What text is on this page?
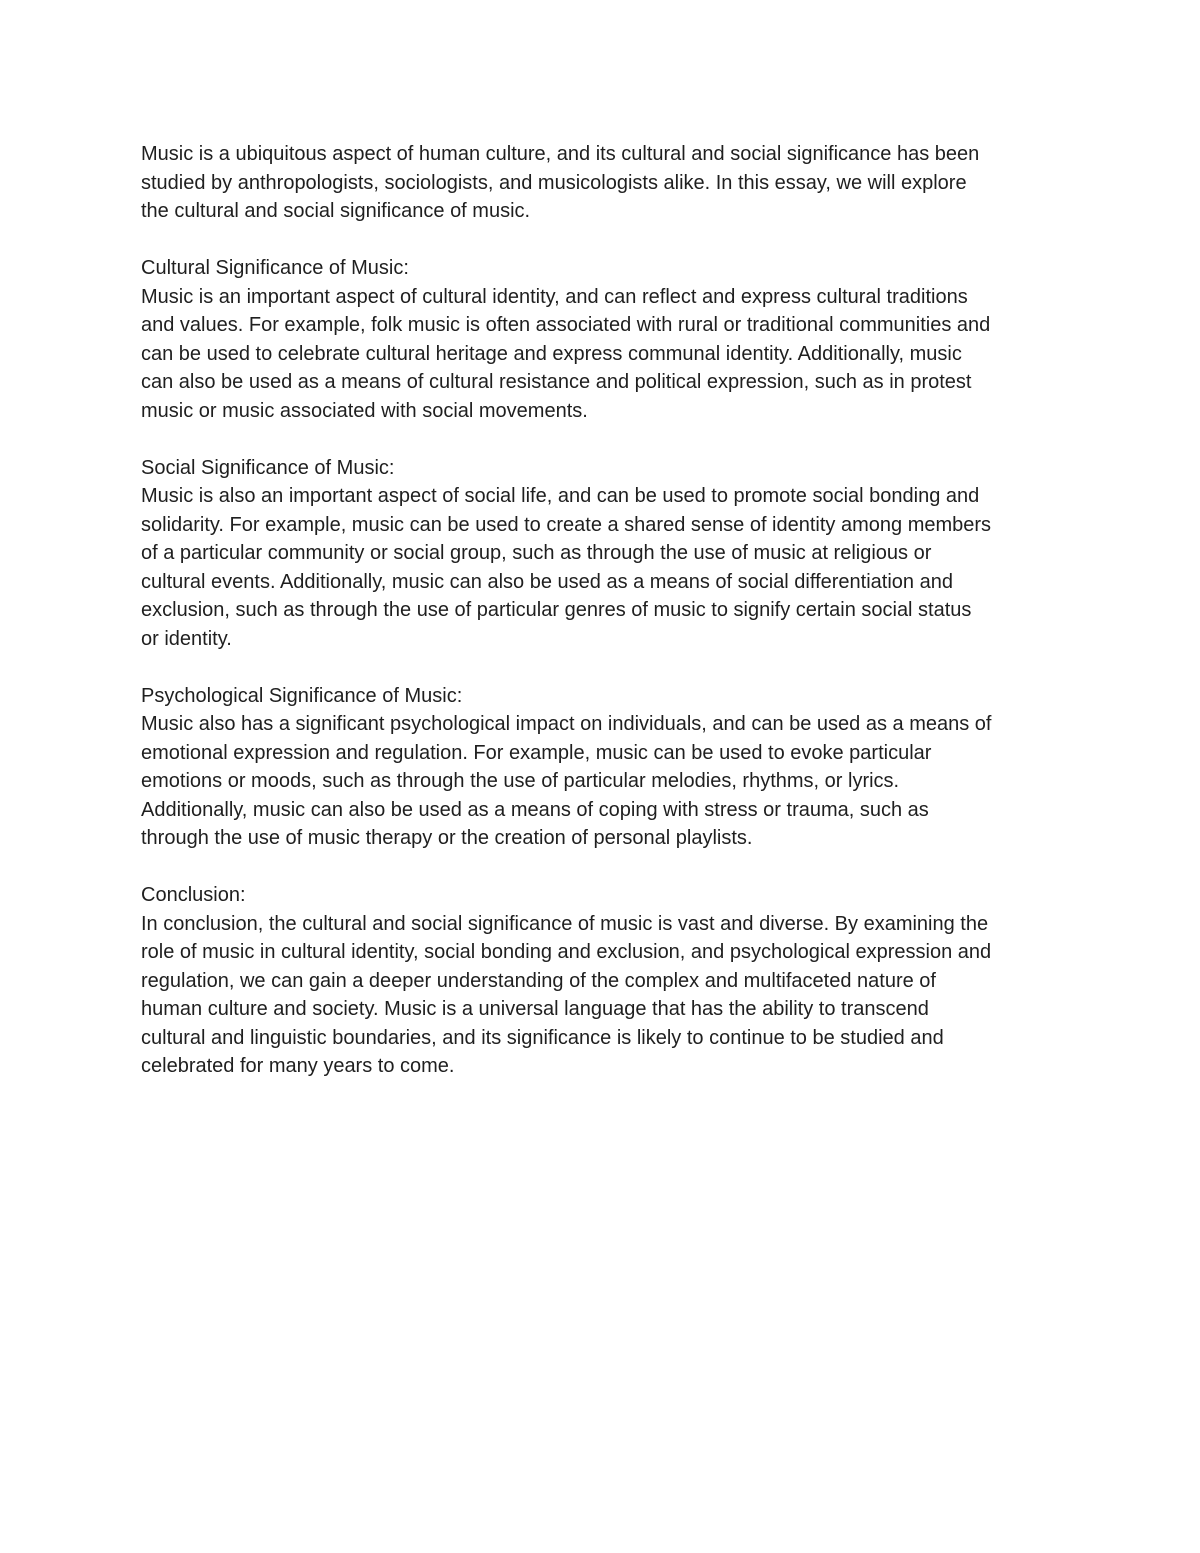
Music is a ubiquitous aspect of human culture, and its cultural and social significance has been
studied by anthropologists, sociologists, and musicologists alike. In this essay, we will explore
the cultural and social significance of music.

Cultural Significance of Music:
Music is an important aspect of cultural identity, and can reflect and express cultural traditions
and values. For example, folk music is often associated with rural or traditional communities and
can be used to celebrate cultural heritage and express communal identity. Additionally, music
can also be used as a means of cultural resistance and political expression, such as in protest
music or music associated with social movements.

Social Significance of Music:
Music is also an important aspect of social life, and can be used to promote social bonding and
solidarity. For example, music can be used to create a shared sense of identity among members
of a particular community or social group, such as through the use of music at religious or
cultural events. Additionally, music can also be used as a means of social differentiation and
exclusion, such as through the use of particular genres of music to signify certain social status
or identity.

Psychological Significance of Music:
Music also has a significant psychological impact on individuals, and can be used as a means of
emotional expression and regulation. For example, music can be used to evoke particular
emotions or moods, such as through the use of particular melodies, rhythms, or lyrics.
Additionally, music can also be used as a means of coping with stress or trauma, such as
through the use of music therapy or the creation of personal playlists.

Conclusion:
In conclusion, the cultural and social significance of music is vast and diverse. By examining the
role of music in cultural identity, social bonding and exclusion, and psychological expression and
regulation, we can gain a deeper understanding of the complex and multifaceted nature of
human culture and society. Music is a universal language that has the ability to transcend
cultural and linguistic boundaries, and its significance is likely to continue to be studied and
celebrated for many years to come.
